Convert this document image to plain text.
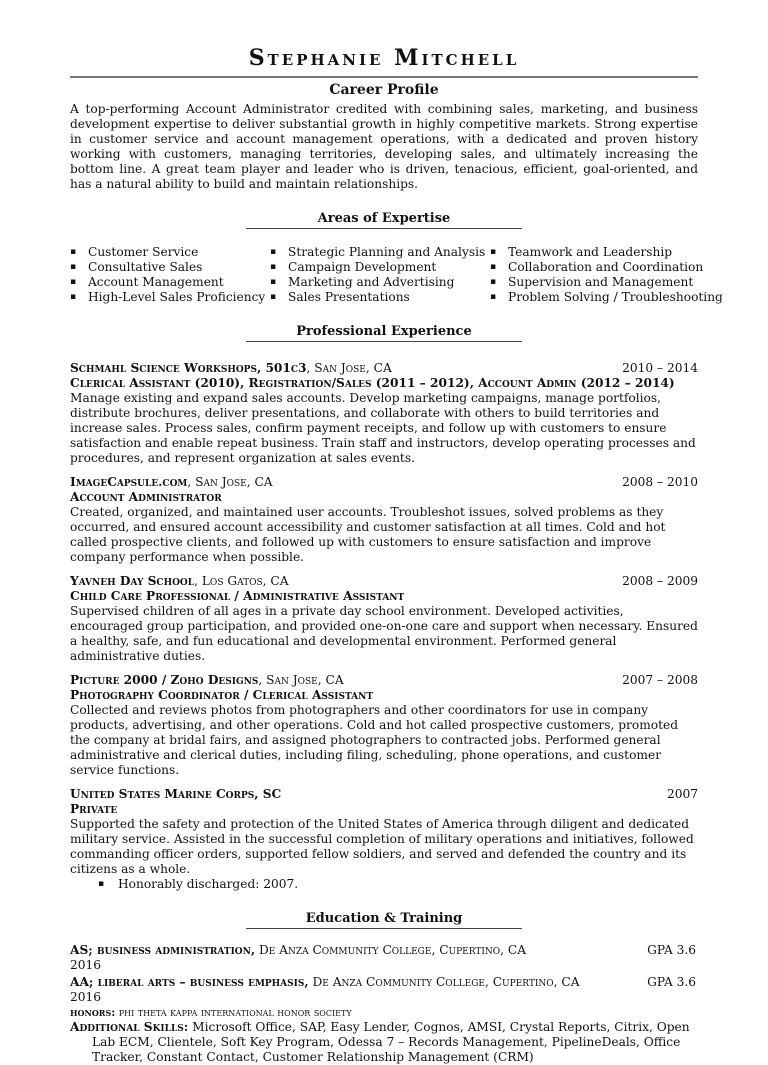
Stephanie Mitchell
Career Profile
A top-performing Account Administrator credited with combining sales, marketing, and business development expertise to deliver substantial growth in highly competitive markets. Strong expertise in customer service and account management operations, with a dedicated and proven history working with customers, managing territories, developing sales, and ultimately increasing the bottom line. A great team player and leader who is driven, tenacious, efficient, goal-oriented, and has a natural ability to build and maintain relationships.
Areas of Expertise
▪ Customer Service
▪ Consultative Sales
▪ Account Management
▪ High-Level Sales Proficiency
▪ Strategic Planning and Analysis
▪ Campaign Development
▪ Marketing and Advertising
▪ Sales Presentations
▪ Teamwork and Leadership
▪ Collaboration and Coordination
▪ Supervision and Management
▪ Problem Solving / Troubleshooting
Professional Experience
Schmahl Science Workshops, 501c3, San Jose, CA	2010 – 2014
Clerical Assistant (2010), Registration/Sales (2011 – 2012), Account Admin (2012 – 2014)
Manage existing and expand sales accounts. Develop marketing campaigns, manage portfolios, distribute brochures, deliver presentations, and collaborate with others to build territories and increase sales. Process sales, confirm payment receipts, and follow up with customers to ensure satisfaction and enable repeat business. Train staff and instructors, develop operating processes and procedures, and represent organization at sales events.
ImageCapsule.com, San Jose, CA	2008 – 2010
Account Administrator
Created, organized, and maintained user accounts. Troubleshot issues, solved problems as they occurred, and ensured account accessibility and customer satisfaction at all times. Cold and hot called prospective clients, and followed up with customers to ensure satisfaction and improve company performance when possible.
Yavneh Day School, Los Gatos, CA	2008 – 2009
Child Care Professional / Administrative Assistant
Supervised children of all ages in a private day school environment. Developed activities, encouraged group participation, and provided one-on-one care and support when necessary. Ensured a healthy, safe, and fun educational and developmental environment. Performed general administrative duties.
Picture 2000 / Zoho Designs, San Jose, CA	2007 – 2008
Photography Coordinator / Clerical Assistant
Collected and reviews photos from photographers and other coordinators for use in company products, advertising, and other operations. Cold and hot called prospective customers, promoted the company at bridal fairs, and assigned photographers to contracted jobs. Performed general administrative and clerical duties, including filing, scheduling, phone operations, and customer service functions.
United States Marine Corps, SC	2007
Private
Supported the safety and protection of the United States of America through diligent and dedicated military service. Assisted in the successful completion of military operations and initiatives, followed commanding officer orders, supported fellow soldiers, and served and defended the country and its citizens as a whole.
▪ Honorably discharged: 2007.
Education & Training
AS; business administration, De Anza Community College, Cupertino, CA	GPA 3.6
2016
AA; liberal arts – business emphasis, De Anza Community College, Cupertino, CA	GPA 3.6
2016
honors: phi theta kappa international honor society
Additional Skills: Microsoft Office, SAP, Easy Lender, Cognos, AMSI, Crystal Reports, Citrix, Open Lab ECM, Clientele, Soft Key Program, Odessa 7 – Records Management, PipelineDeals, Office Tracker, Constant Contact, Customer Relationship Management (CRM)
